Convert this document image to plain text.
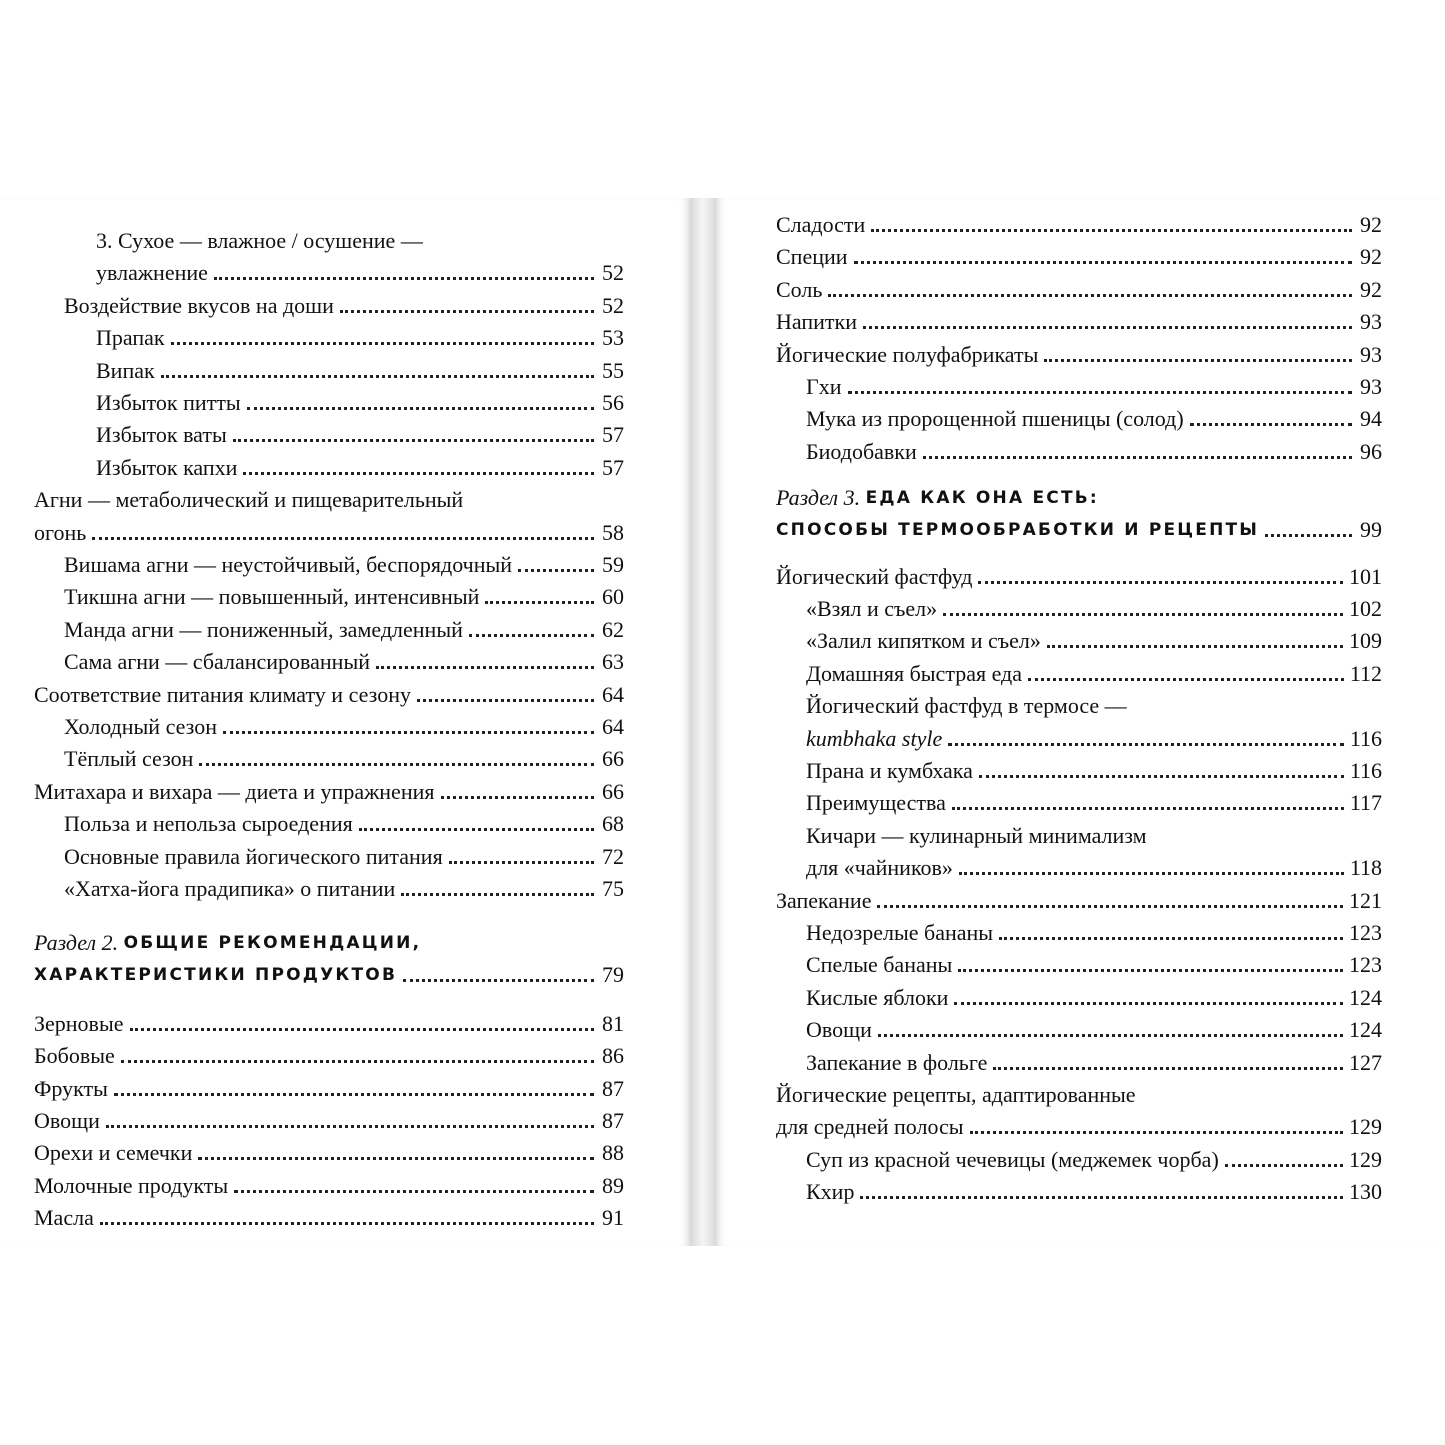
3. Сухое — влажное / осушение —
увлажнение	52
Воздействие вкусов на доши	52
Прапак	53
Випак	55
Избыток питты	56
Избыток ваты	57
Избыток капхи	57
Агни — метаболический и пищеварительный
огонь	58
Вишама агни — неустойчивый, беспорядочный	59
Тикшна агни — повышенный, интенсивный	60
Манда агни — пониженный, замедленный	62
Сама агни — сбалансированный	63
Соответствие питания климату и сезону	64
Холодный сезон	64
Тёплый сезон	66
Митахара и вихара — диета и упражнения	66
Польза и непольза сыроедения	68
Основные правила йогического питания	72
«Хатха-йога прадипика» о питании	75
Раздел 2.
ОБЩИЕ РЕКОМЕНДАЦИИ,
ХАРАКТЕРИСТИКИ ПРОДУКТОВ	79
Зерновые	81
Бобовые	86
Фрукты	87
Овощи	87
Орехи и семечки	88
Молочные продукты	89
Масла	91
Сладости	92
Специи	92
Соль	92
Напитки	93
Йогические полуфабрикаты	93
Гхи	93
Мука из пророщенной пшеницы (солод)	94
Биодобавки	96
Раздел 3.
ЕДА КАК ОНА ЕСТЬ:
СПОСОБЫ ТЕРМООБРАБОТКИ И РЕЦЕПТЫ	99
Йогический фастфуд	101
«Взял и съел»	102
«Залил кипятком и съел»	109
Домашняя быстрая еда	112
Йогический фастфуд в термосе —
kumbhaka style	116
Прана и кумбхака	116
Преимущества	117
Кичари — кулинарный минимализм
для «чайников»	118
Запекание	121
Недозрелые бананы	123
Спелые бананы	123
Кислые яблоки	124
Овощи	124
Запекание в фольге	127
Йогические рецепты, адаптированные
для средней полосы	129
Суп из красной чечевицы (меджемек чорба)	129
Кхир	130
